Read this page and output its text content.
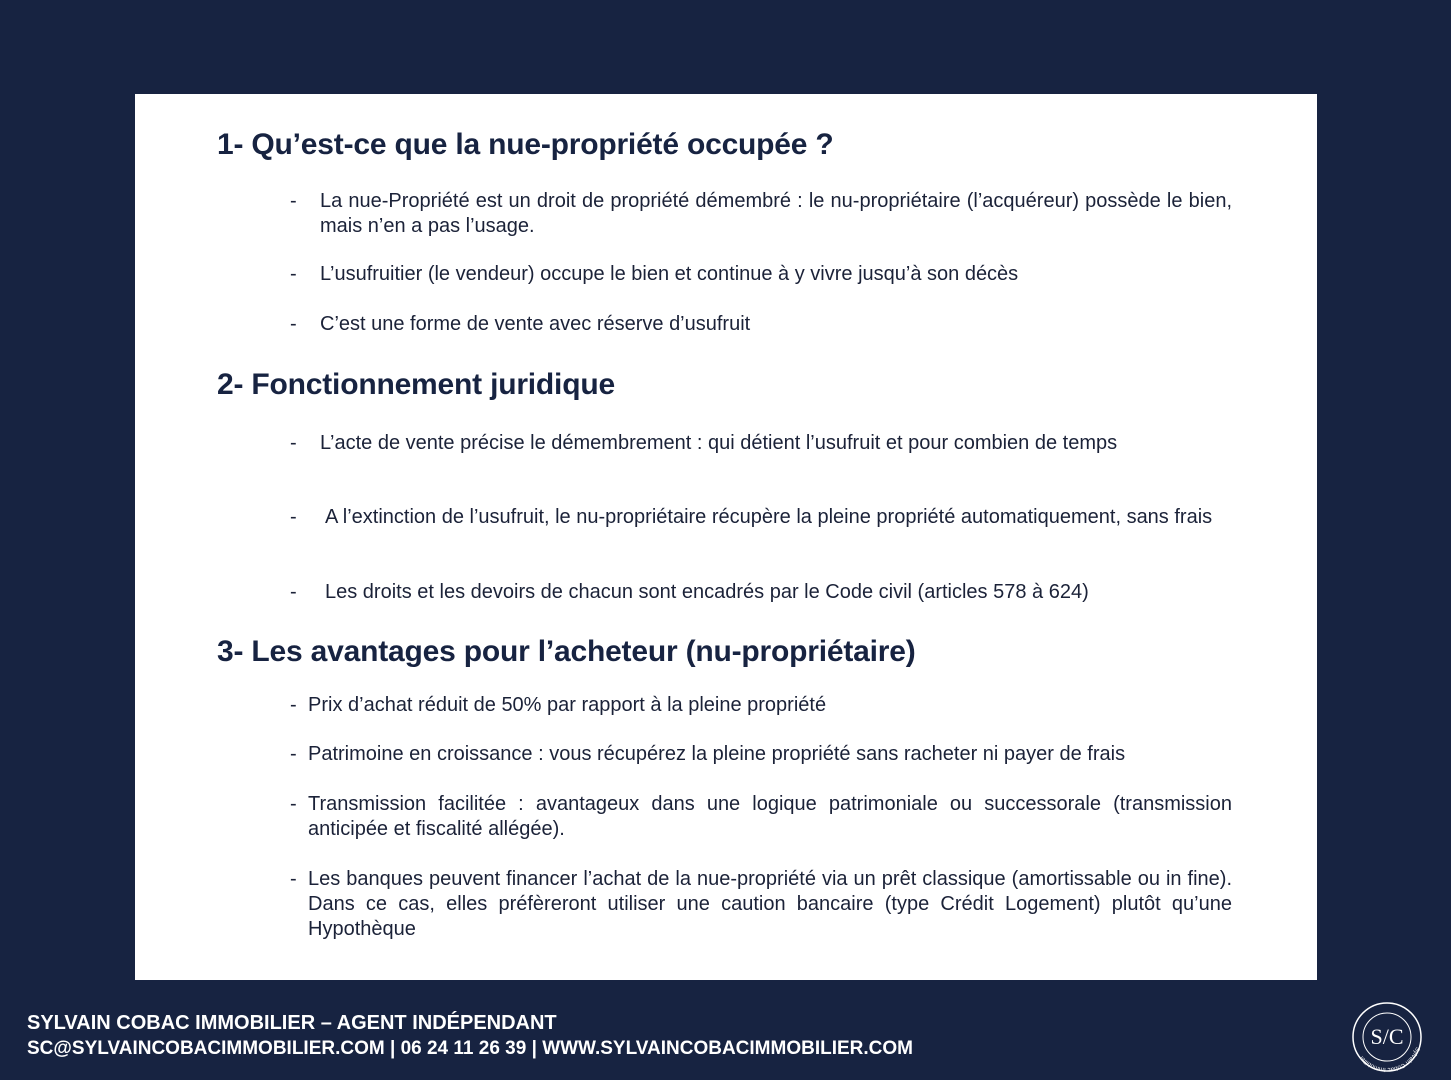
1- Qu’est-ce que la nue-propriété occupée ?
-	La nue-Propriété est un droit de propriété démembré : le nu-propriétaire (l’acquéreur) possède le bien, mais n’en a pas l’usage.
-	L’usufruitier (le vendeur) occupe le bien et continue à y vivre jusqu’à son décès
-	C’est une forme de vente avec réserve d’usufruit
2- Fonctionnement juridique
-	L’acte de vente précise le démembrement : qui détient l’usufruit et pour combien de temps
-	A l’extinction de l’usufruit, le nu-propriétaire récupère la pleine propriété automatiquement, sans frais
-	Les droits et les devoirs de chacun sont encadrés par le Code civil (articles 578 à 624)
3- Les avantages pour l’acheteur (nu-propriétaire)
- Prix d’achat réduit de 50% par rapport à la pleine propriété
- Patrimoine en croissance : vous récupérez la pleine propriété sans racheter ni payer de frais
- Transmission facilitée : avantageux dans une logique patrimoniale ou successorale (transmission anticipée et fiscalité allégée).
- Les banques peuvent financer l’achat de la nue-propriété via un prêt classique (amortissable ou in fine). Dans ce cas, elles préfèreront utiliser une caution bancaire (type Crédit Logement) plutôt qu’une Hypothèque
SYLVAIN COBAC IMMOBILIER – AGENT INDÉPENDANT
SC@SYLVAINCOBACIMMOBILIER.COM | 06 24 11 26 39 | WWW.SYLVAINCOBACIMMOBILIER.COM	Sylvain Cobac Immobilier
S/C
